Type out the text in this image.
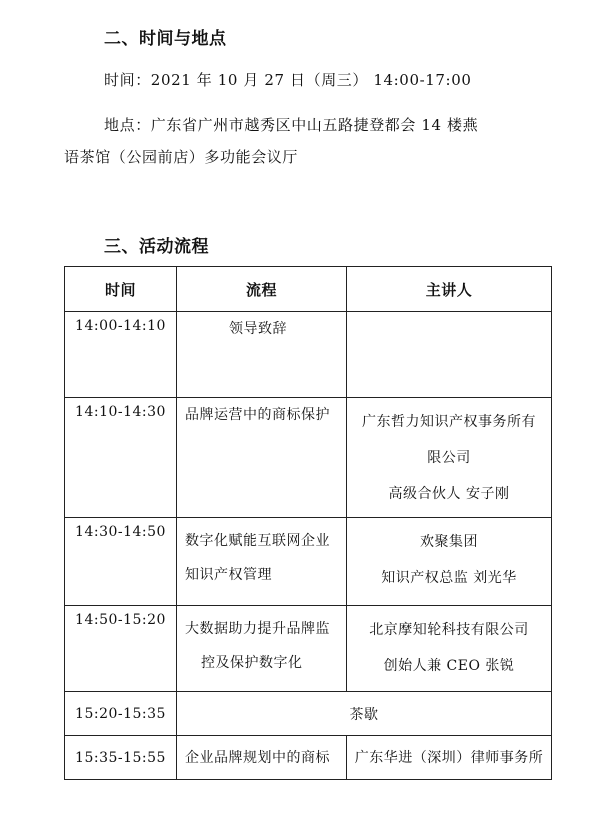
二、时间与地点
时间：2021 年 10 月 27 日（周三） 14:00-17:00
地点：广东省广州市越秀区中山五路捷登都会 14 楼燕
语茶馆（公园前店）多功能会议厅
三、活动流程
时间	流程	主讲人
14:00-14:10	领导致辞	

14:10-14:30	品牌运营中的商标保护	广东哲力知识产权事务所有
限公司
高级合伙人 安子刚

14:30-14:50	数字化赋能互联网企业
知识产权管理	欢聚集团
知识产权总监 刘光华

14:50-15:20	大数据助力提升品牌监
控及保护数字化	北京摩知轮科技有限公司
创始人兼 CEO 张锐

15:20-15:35	茶歇	
15:35-15:55	企业品牌规划中的商标	广东华进（深圳）律师事务所
